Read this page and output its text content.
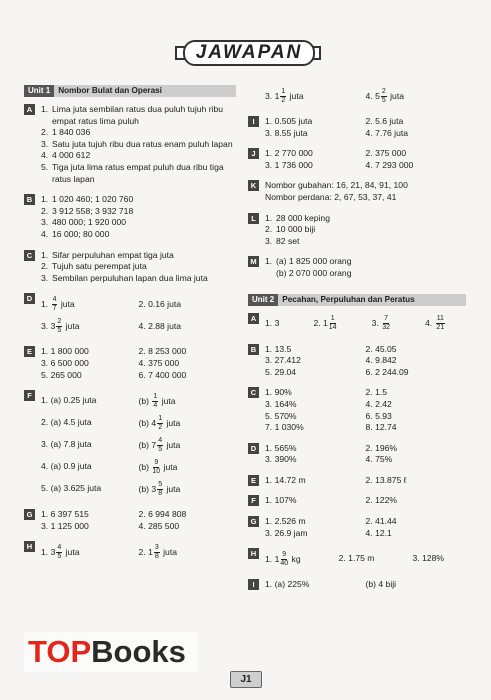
JAWAPAN
Unit 1 Nombor Bulat dan Operasi
A	1. Lima juta sembilan ratus dua puluh tujuh ribu empat ratus lima puluh
2. 1 840 036
3. Satu juta tujuh ribu dua ratus enam puluh lapan
4. 4 000 612
5. Tiga juta lima ratus empat puluh dua ribu tiga ratus lapan
B	1. 1 020 460; 1 020 760
2. 3 912 558; 3 932 718
3. 480 000; 1 920 000
4. 16 000; 80 000
C	1. Sifar perpuluhan empat tiga juta
2. Tujuh satu perempat juta
3. Sembilan perpuluhan lapan dua lima juta
D	1. $\frac{4}{7}$ juta	2. 0.16 juta
3. $3 \frac{2}{5}$ juta	4. 2.88 juta
E	1. 1 800 000	2. 8 253 000
3. 6 500 000	4. 375 000
5. 265 000	6. 7 400 000
F	1. (a) 0.25 juta	$(b) \frac{1}{4}$ juta
2. (a) 4.5 juta	(b) $4 \frac{1}{2}$ juta
3. (a) 7.8 juta	(b) $7 \frac{4}{5}$ juta
4. (a) 0.9 juta	$(b) \frac{9}{10}$ juta
5. (a) 3.625 juta	(b) $3 \frac{5}{8}$ juta
G 1. 6 397 515	2. 6 994 808
3. 1 125 000	4. 285 500
H	1. $3 \frac{4}{5}$ juta	2. $1 \frac{3}{8}$ juta
3. $1 \frac{1}{2}$ juta	4. $5 \frac{2}{5}$ juta
I	1. 0.505 juta	2. 5.6 juta
3. 8.55 juta	4. 7.76 juta
J	1. 2 770 000	2. 375 000
3. 1 736 000	4. 7 293 000
K	Nombor gubahan: 16, 21, 84, 91, 100
Nombor perdana: 2, 67, 53, 37, 41
L	1. 28 000 keping
2. 10 000 biji
3. 82 set
M 1. (a) 1 825 000 orang
(b) 2 070 000 orang
Unit 2 Pecahan, Perpuluhan dan Peratus
A	1. 3	2. $1 \frac{1}{14}$	3. $\frac{7}{32}$	4. $\frac{11}{21}$
B	1. 13.5	2. 45.05
3. 27.412	4. 9.842
5. 29.04	6. 2 244.09
C	1. 90%	2. 1.5
3. 164%	4. 2.42
5. 570%	6. 5.93
7. 1 030%	8. 12.74
D	1. 565%	2. 196%
3. 390%	4. 75%
E	1. 14.72 m	2. 13.875 ℓ
F	1. 107%	2. 122%
G 1. 2.526 m	2. 41.44
3. 26.9 jam	4. 12.1
H	1. $1 \frac{9}{40}$ kg	2. 1.75 m	3. 128%
I	1. (a) 225%	(b) 4 biji
TOPBooks
J1
